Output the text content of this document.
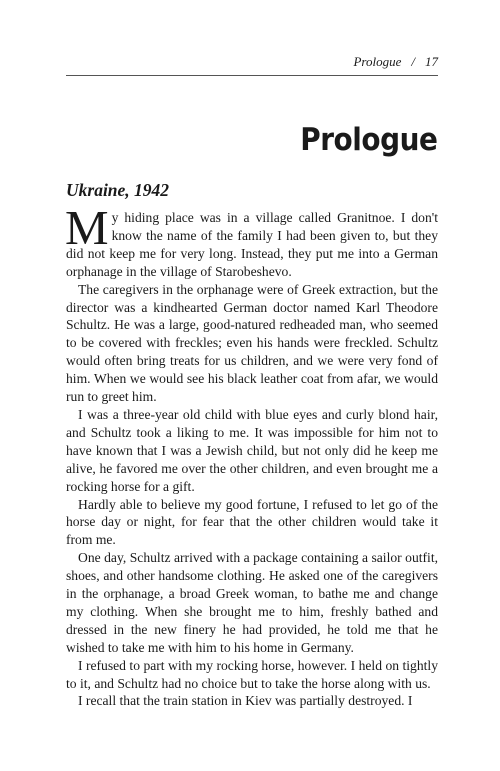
Prologue / 17
Prologue
Ukraine, 1942

My hiding place was in a village called Granitnoe. I don't know the name of the family I had been given to, but they did not keep me for very long. Instead, they put me into a German orphanage in the village of Starobeshevo.

The caregivers in the orphanage were of Greek extraction, but the director was a kindhearted German doctor named Karl Theodore Schultz. He was a large, good-natured redheaded man, who seemed to be covered with freckles; even his hands were freckled. Schultz would often bring treats for us children, and we were very fond of him. When we would see his black leather coat from afar, we would run to greet him.

I was a three-year old child with blue eyes and curly blond hair, and Schultz took a liking to me. It was impossible for him not to have known that I was a Jewish child, but not only did he keep me alive, he favored me over the other children, and even brought me a rocking horse for a gift.

Hardly able to believe my good fortune, I refused to let go of the horse day or night, for fear that the other children would take it from me.

One day, Schultz arrived with a package containing a sailor outfit, shoes, and other handsome clothing. He asked one of the caregivers in the orphanage, a broad Greek woman, to bathe me and change my clothing. When she brought me to him, freshly bathed and dressed in the new finery he had provided, he told me that he wished to take me with him to his home in Germany.

I refused to part with my rocking horse, however. I held on tightly to it, and Schultz had no choice but to take the horse along with us.

I recall that the train station in Kiev was partially destroyed. I
